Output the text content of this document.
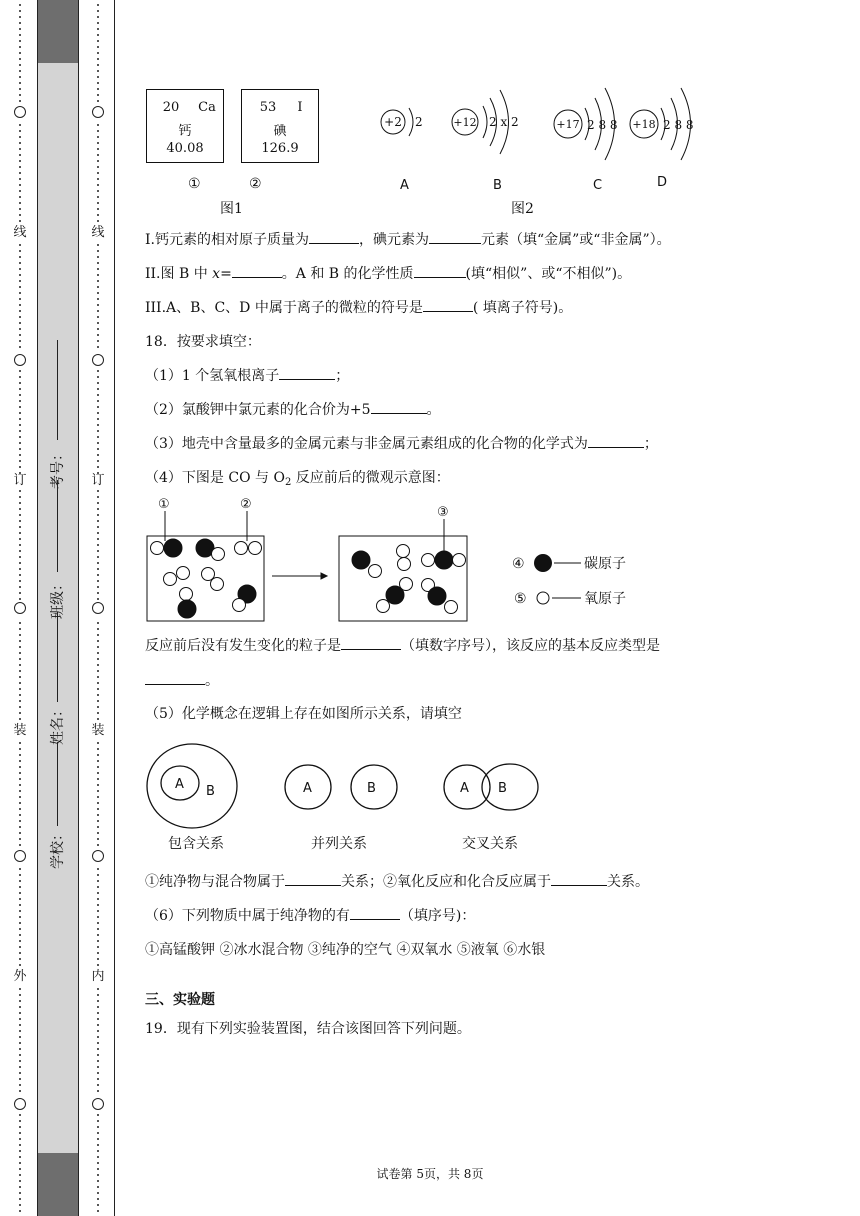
线
订
装
外
线
订
装
内
考号：
班级：
姓名：
学校：
20	Ca
钙
40.08
53	I
碘
126.9
①	②
图1
+2 2	+12 2 x 2	+17 2 8 8 +18 2 8 8
A	B	C	D
图2
I.钙元素的相对原子质量为	，碘元素为	元素（填“金属”或“非金属”）。
II.图 B 中 x=	。A 和 B 的化学性质	(填“相似”、或“不相似”)。
III.A、B、C、D 中属于离子的微粒的符号是	( 填离子符号)。
18．按要求填空：
（1）1 个氢氧根离子	；
（2）氯酸钾中氯元素的化合价为+5	。
（3）地壳中含量最多的金属元素与非金属元素组成的化合物的化学式为	；
（4）下图是 CO 与 $O_2$ 反应前后的微观示意图：
①	②
③
④	碳原子
⑤	氧原子
反应前后没有发生变化的粒子是	（填数字序号），该反应的基本反应类型是
。
（5）化学概念在逻辑上存在如图所示关系，请填空
A B	A	B	A B
包含关系	并列关系	交叉关系
①纯净物与混合物属于	关系；②氧化反应和化合反应属于	关系。
（6）下列物质中属于纯净物的有	（填序号)：
①高锰酸钾 ②冰水混合物 ③纯净的空气 ④双氧水 ⑤液氧 ⑥水银
三、实验题
19．现有下列实验装置图，结合该图回答下列问题。
试卷第 5页，共 8页
